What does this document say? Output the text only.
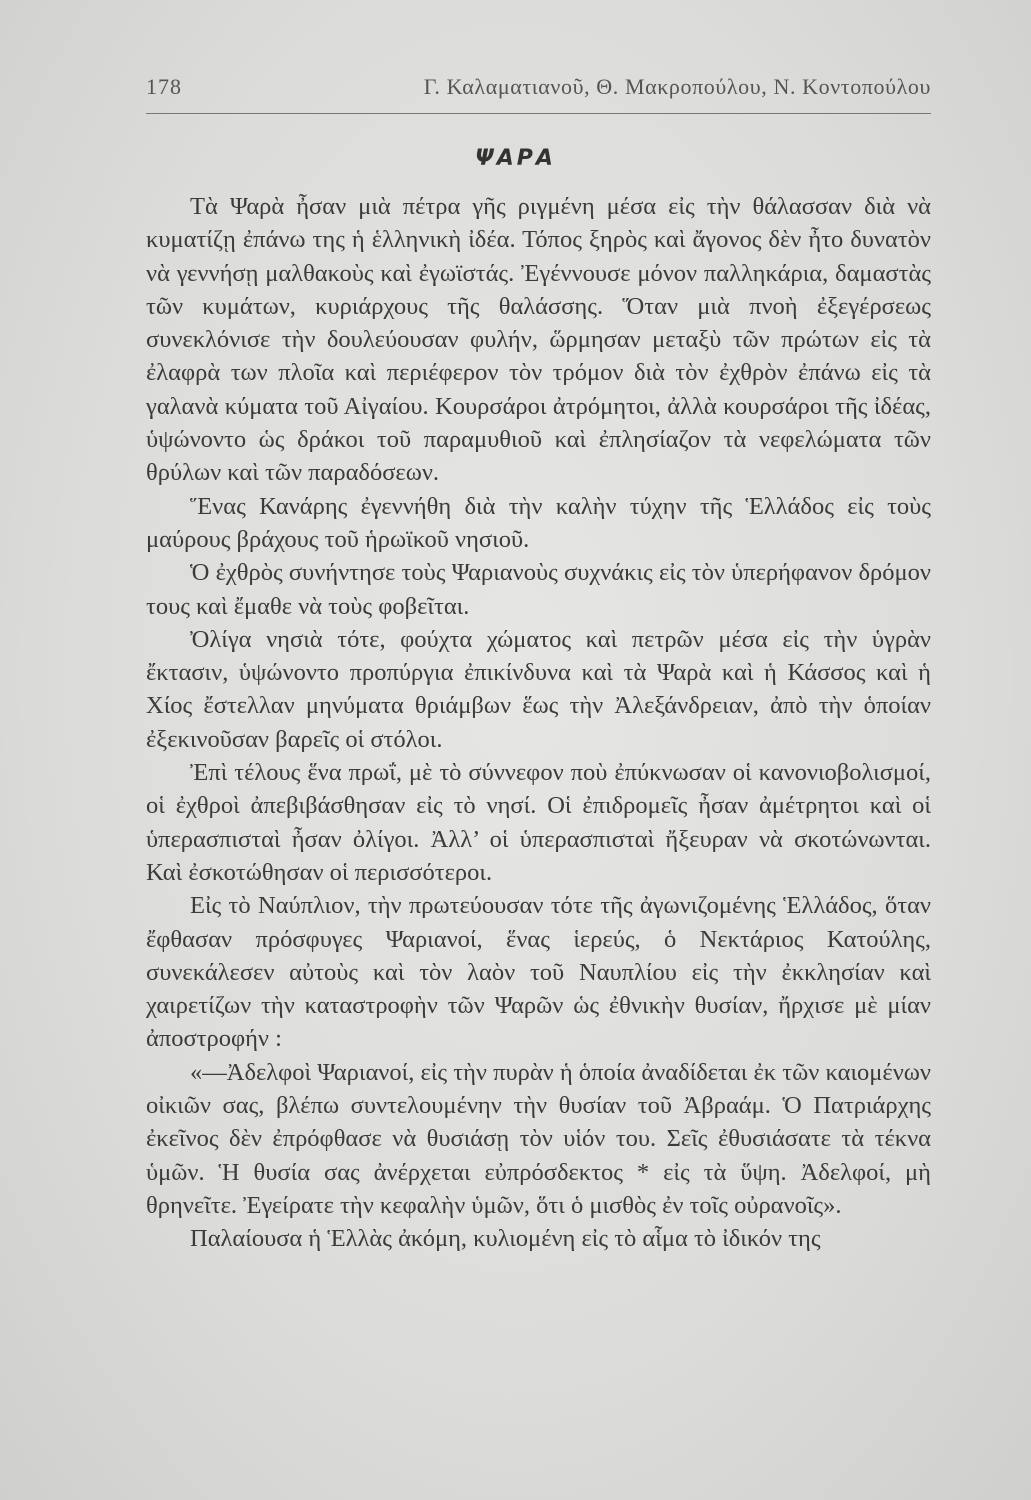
178	Γ. Καλαματιανοῦ, Θ. Μακροπούλου, Ν. Κοντοπούλου
ΨΑΡΑ

Τὰ Ψαρὰ ἦσαν μιὰ πέτρα γῆς ριγμένη μέσα εἰς τὴν θάλασσαν διὰ νὰ κυματίζῃ ἐπάνω της ἡ ἑλληνικὴ ἰδέα. Τόπος ξηρὸς καὶ ἄγονος δὲν ἦτο δυνατὸν νὰ γεννήσῃ μαλθακοὺς καὶ ἐγωϊστάς. Ἐγέννουσε μόνον παλληκάρια, δαμαστὰς τῶν κυμάτων, κυριάρχους τῆς θαλάσσης. Ὅταν μιὰ πνοὴ ἐξεγέρσεως συνεκλόνισε τὴν δουλεύουσαν φυλήν, ὥρμησαν μεταξὺ τῶν πρώτων εἰς τὰ ἐλαφρὰ των πλοῖα καὶ περιέφερον τὸν τρόμον διὰ τὸν ἐχθρὸν ἐπάνω εἰς τὰ γαλανὰ κύματα τοῦ Αἰγαίου. Κουρσάροι ἀτρόμητοι, ἀλλὰ κουρσάροι τῆς ἰδέας, ὑψώνοντο ὡς δράκοι τοῦ παραμυθιοῦ καὶ ἐπλησίαζον τὰ νεφελώματα τῶν θρύλων καὶ τῶν παραδόσεων.

Ἕνας Κανάρης ἐγεννήθη διὰ τὴν καλὴν τύχην τῆς Ἑλλάδος εἰς τοὺς μαύρους βράχους τοῦ ἡρωϊκοῦ νησιοῦ.

Ὁ ἐχθρὸς συνήντησε τοὺς Ψαριανοὺς συχνάκις εἰς τὸν ὑπερήφανον δρόμον τους καὶ ἔμαθε νὰ τοὺς φοβεῖται.

Ὀλίγα νησιὰ τότε, φούχτα χώματος καὶ πετρῶν μέσα εἰς τὴν ὑγρὰν ἔκτασιν, ὑψώνοντο προπύργια ἐπικίνδυνα καὶ τὰ Ψαρὰ καὶ ἡ Κάσσος καὶ ἡ Χίος ἔστελλαν μηνύματα θριάμβων ἕως τὴν Ἀλεξάνδρειαν, ἀπὸ τὴν ὁποίαν ἐξεκινοῦσαν βαρεῖς οἱ στόλοι.

Ἐπὶ τέλους ἕνα πρωΐ, μὲ τὸ σύννεφον ποὺ ἐπύκνωσαν οἱ κανονιοβολισμοί, οἱ ἐχθροὶ ἀπεβιβάσθησαν εἰς τὸ νησί. Οἱ ἐπιδρομεῖς ἦσαν ἀμέτρητοι καὶ οἱ ὑπερασπισταὶ ἦσαν ὀλίγοι. Ἀλλ’ οἱ ὑπερασπισταὶ ἤξευραν νὰ σκοτώνωνται. Καὶ ἐσκοτώθησαν οἱ περισσότεροι.

Εἰς τὸ Ναύπλιον, τὴν πρωτεύουσαν τότε τῆς ἀγωνιζομένης Ἑλλάδος, ὅταν ἔφθασαν πρόσφυγες Ψαριανοί, ἕνας ἱερεύς, ὁ Νεκτάριος Κατούλης, συνεκάλεσεν αὐτοὺς καὶ τὸν λαὸν τοῦ Ναυπλίου εἰς τὴν ἐκκλησίαν καὶ χαιρετίζων τὴν καταστροφὴν τῶν Ψαρῶν ὡς ἐθνικὴν θυσίαν, ἤρχισε μὲ μίαν ἀποστροφήν :

«—Ἀδελφοὶ Ψαριανοί, εἰς τὴν πυρὰν ἡ ὁποία ἀναδίδεται ἐκ τῶν καιομένων οἰκιῶν σας, βλέπω συντελουμένην τὴν θυσίαν τοῦ Ἀβραάμ. Ὁ Πατριάρχης ἐκεῖνος δὲν ἐπρόφθασε νὰ θυσιάσῃ τὸν υἱόν του. Σεῖς ἐθυσιάσατε τὰ τέκνα ὑμῶν. Ἡ θυσία σας ἀνέρχεται εὐπρόσδεκτος * εἰς τὰ ὕψη. Ἀδελφοί, μὴ θρηνεῖτε. Ἐγείρατε τὴν κεφαλὴν ὑμῶν, ὅτι ὁ μισθὸς ἐν τοῖς οὐρανοῖς».

Παλαίουσα ἡ Ἑλλὰς ἀκόμη, κυλιομένη εἰς τὸ αἷμα τὸ ἰδικόν της
